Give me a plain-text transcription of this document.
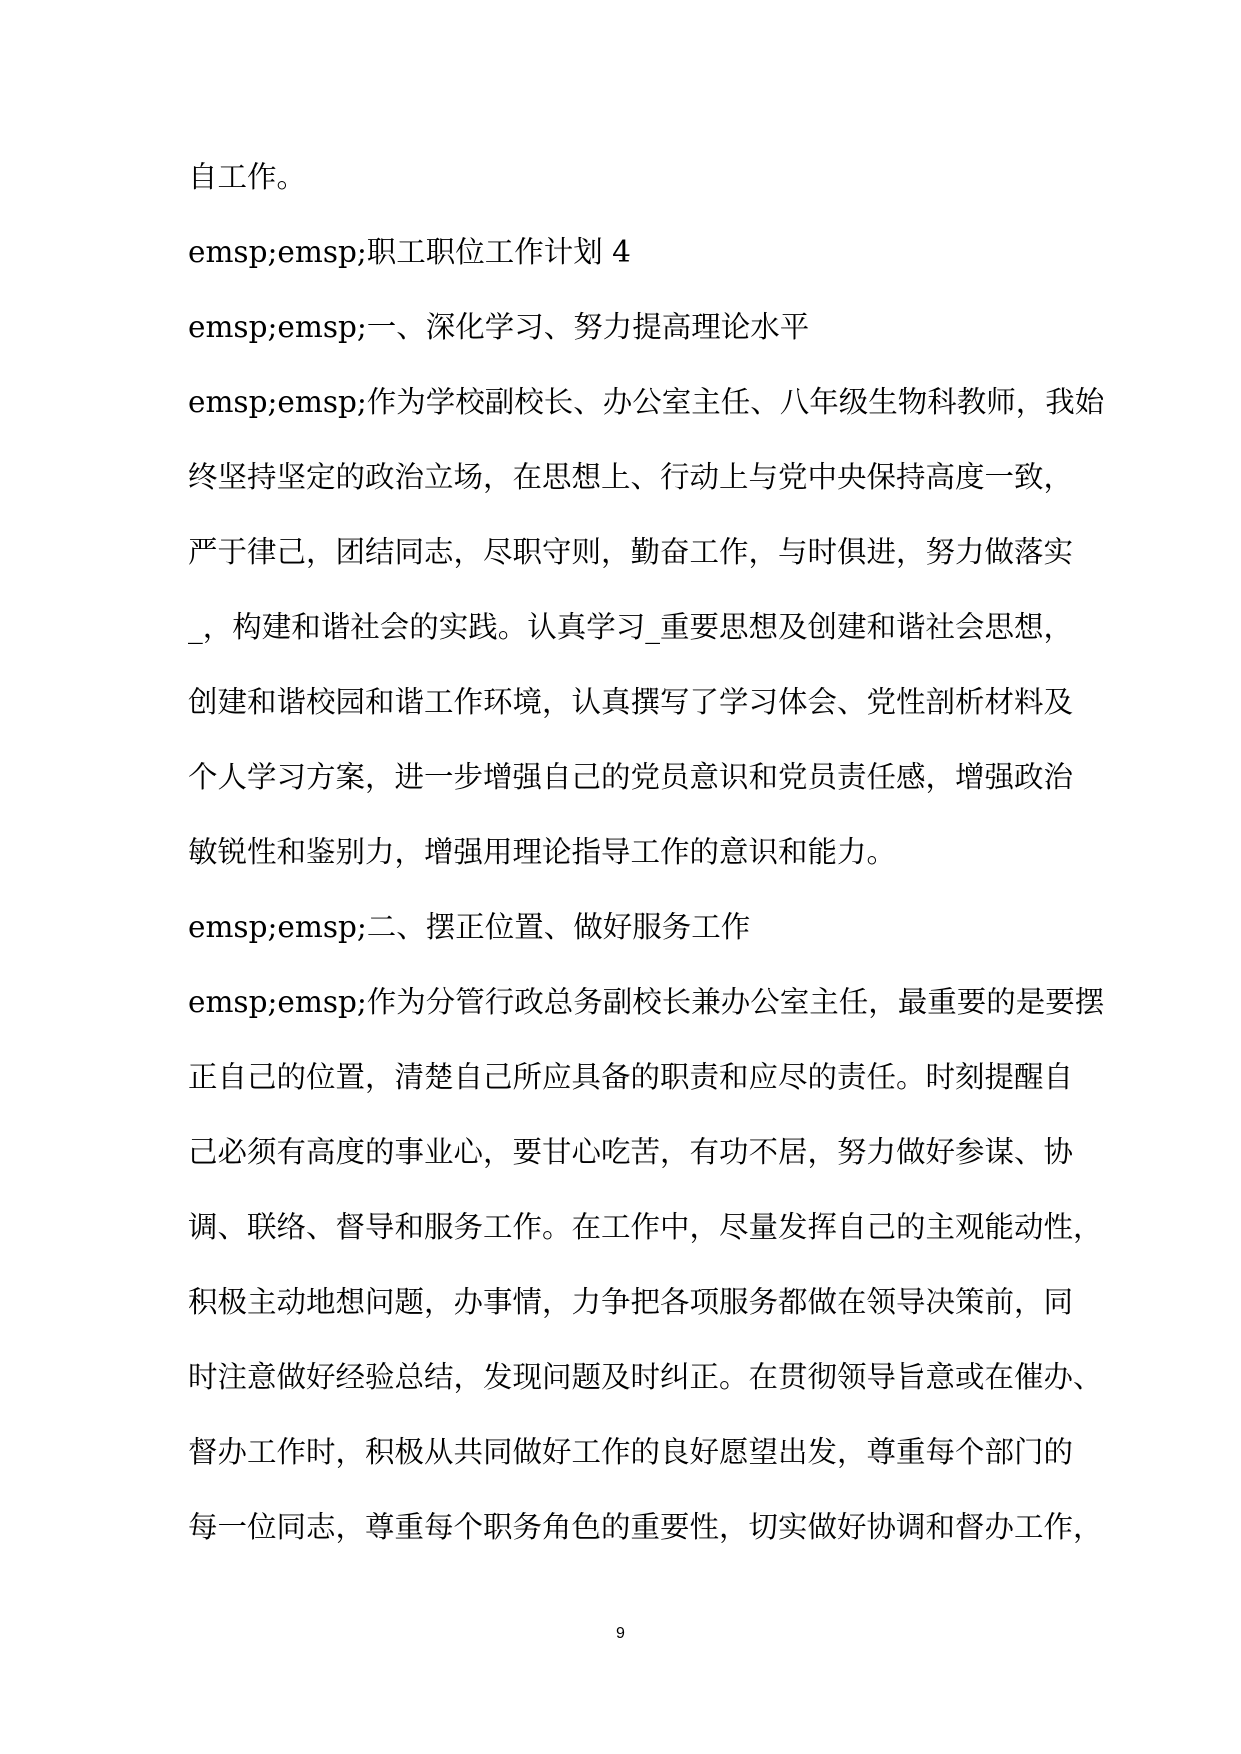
自工作。
emsp;emsp;职工职位工作计划 4
emsp;emsp;一、深化学习、努力提高理论水平
emsp;emsp;作为学校副校长、办公室主任、八年级生物科教师，我始
终坚持坚定的政治立场，在思想上、行动上与党中央保持高度一致，
严于律己，团结同志，尽职守则，勤奋工作，与时俱进，努力做落实
_，构建和谐社会的实践。认真学习_重要思想及创建和谐社会思想，
创建和谐校园和谐工作环境，认真撰写了学习体会、党性剖析材料及
个人学习方案，进一步增强自己的党员意识和党员责任感，增强政治
敏锐性和鉴别力，增强用理论指导工作的意识和能力。
emsp;emsp;二、摆正位置、做好服务工作
emsp;emsp;作为分管行政总务副校长兼办公室主任，最重要的是要摆
正自己的位置，清楚自己所应具备的职责和应尽的责任。时刻提醒自
己必须有高度的事业心，要甘心吃苦，有功不居，努力做好参谋、协
调、联络、督导和服务工作。在工作中，尽量发挥自己的主观能动性，
积极主动地想问题，办事情，力争把各项服务都做在领导决策前，同
时注意做好经验总结，发现问题及时纠正。在贯彻领导旨意或在催办、
督办工作时，积极从共同做好工作的良好愿望出发，尊重每个部门的
每一位同志，尊重每个职务角色的重要性，切实做好协调和督办工作，
9
